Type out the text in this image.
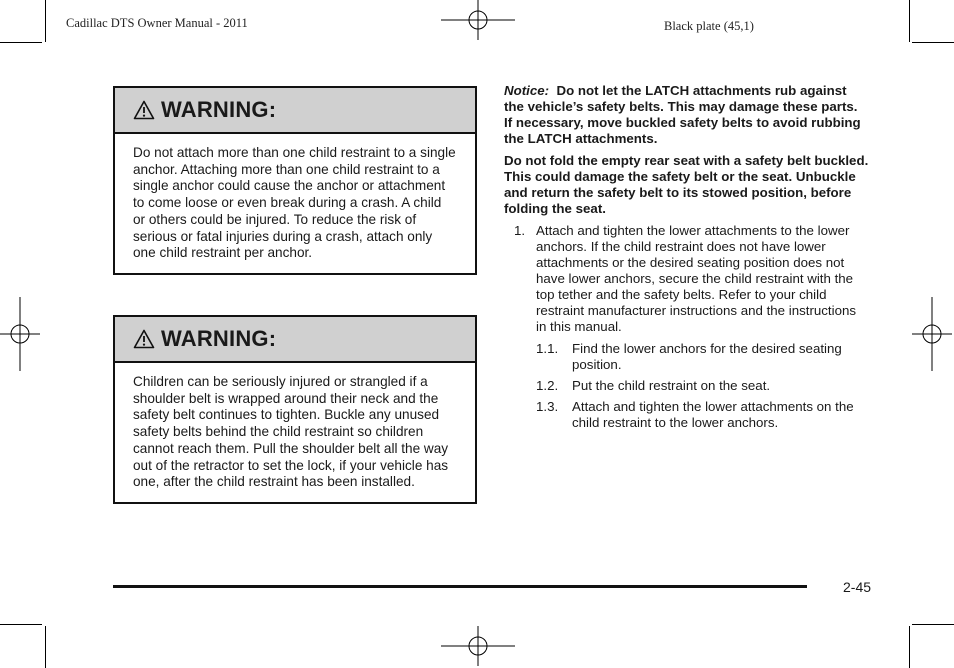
Cadillac DTS Owner Manual - 2011	Black plate (45,1)
WARNING:

Do not attach more than one child restraint to a single anchor. Attaching more than one child restraint to a single anchor could cause the anchor or attachment to come loose or even break during a crash. A child or others could be injured. To reduce the risk of serious or fatal injuries during a crash, attach only one child restraint per anchor.

WARNING:

Children can be seriously injured or strangled if a shoulder belt is wrapped around their neck and the safety belt continues to tighten. Buckle any unused safety belts behind the child restraint so children cannot reach them. Pull the shoulder belt all the way out of the retractor to set the lock, if your vehicle has one, after the child restraint has been installed.

Notice: Do not let the LATCH attachments rub against the vehicle’s safety belts. This may damage these parts. If necessary, move buckled safety belts to avoid rubbing the LATCH attachments.

Do not fold the empty rear seat with a safety belt buckled. This could damage the safety belt or the seat. Unbuckle and return the safety belt to its stowed position, before folding the seat.

1. Attach and tighten the lower attachments to the lower anchors. If the child restraint does not have lower attachments or the desired seating position does not have lower anchors, secure the child restraint with the top tether and the safety belts. Refer to your child restraint manufacturer instructions and the instructions in this manual.
1.1. Find the lower anchors for the desired seating position.
1.2. Put the child restraint on the seat.
1.3. Attach and tighten the lower attachments on the child restraint to the lower anchors.
2-45
